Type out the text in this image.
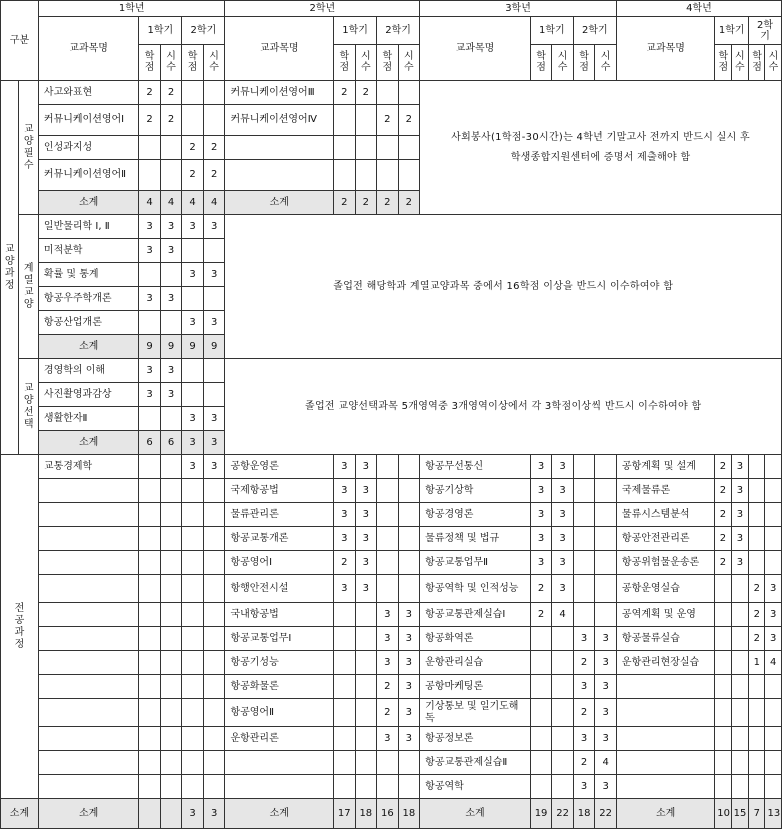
구분		1학년					2학년					3학년					4학년				
		교과목명	1학기		2학기		교과목명	1학기		2학기		교과목명	1학기		2학기		교과목명	1학기		2학
기	
			학점	시수	학점	시수		학점	시수	학점	시수		학점	시수	학점	시수		학점	시수	학점	시수

교양과정	교양필수	사고와표현	2	2			커뮤니케이션영어Ⅲ	2	2			사회봉사(1학점-30시간)는 4학년 기말고사 전까지 반드시 실시 후
학생종합지원센터에 증명서 제출해야 함									

		커뮤니케이션영어Ⅰ	2	2			커뮤니케이션영어Ⅳ			2	2										
		인성과지성			2	2															
		커뮤니케이션영어Ⅱ			2	2															
		소계	4	4	4	4	소계	2	2	2	2										
	계열교양	일반물리학 Ⅰ, Ⅱ	3	3	3	3	졸업전 해당학과 계열교양과목 중에서 16학점 이상을 반드시 이수하여야 함														
		미적분학	3	3																	
		확률 및 통계			3	3															
		항공우주학개론	3	3																	
		항공산업개론			3	3															
		소계	9	9	9	9															
	교양선택	경영학의 이해	3	3			졸업전 교양선택과목 5개영역중 3개영역이상에서 각 3학점이상씩 반드시 이수하여야 함														
		사진촬영과감상	3	3																	
		생활한자Ⅱ			3	3															
		소계	6	6	3	3															
전공과정		교통경제학			3	3	공항운영론	3	3			항공무선통신	3	3			공항계획 및 설계	2	3		
							국제항공법	3	3			항공기상학	3	3			국제물류론	2	3		
							물류관리론	3	3			항공경영론	3	3			물류시스템분석	2	3		
							항공교통개론	3	3			물류정책 및 법규	3	3			항공안전관리론	2	3		
							항공영어Ⅰ	2	3			항공교통업무Ⅱ	3	3			항공위험물운송론	2	3		
							항행안전시설	3	3			항공역학 및 인적성능	2	3			공항운영실습			2	3
							국내항공법			3	3	항공교통관제실습Ⅰ	2	4			공역계획 및 운영			2	3
							항공교통업무Ⅰ			3	3	항공화역론			3	3	항공물류실습			2	3
							항공기성능			3	3	운항관리실습			2	3	운항관리현장실습			1	4
							항공화물론			2	3	공항마케팅론			3	3					
							항공영어Ⅱ			2	3	기상통보 및 일기도해독			2	3					
							운항관리론			3	3	항공정보론			3	3					
												항공교통관제실습Ⅱ			2	4					
												항공역학			3	3					
소계		소계			3	3	소계	17	18	16	18	소계	19	22	18	22	소계	10	15	7	13
